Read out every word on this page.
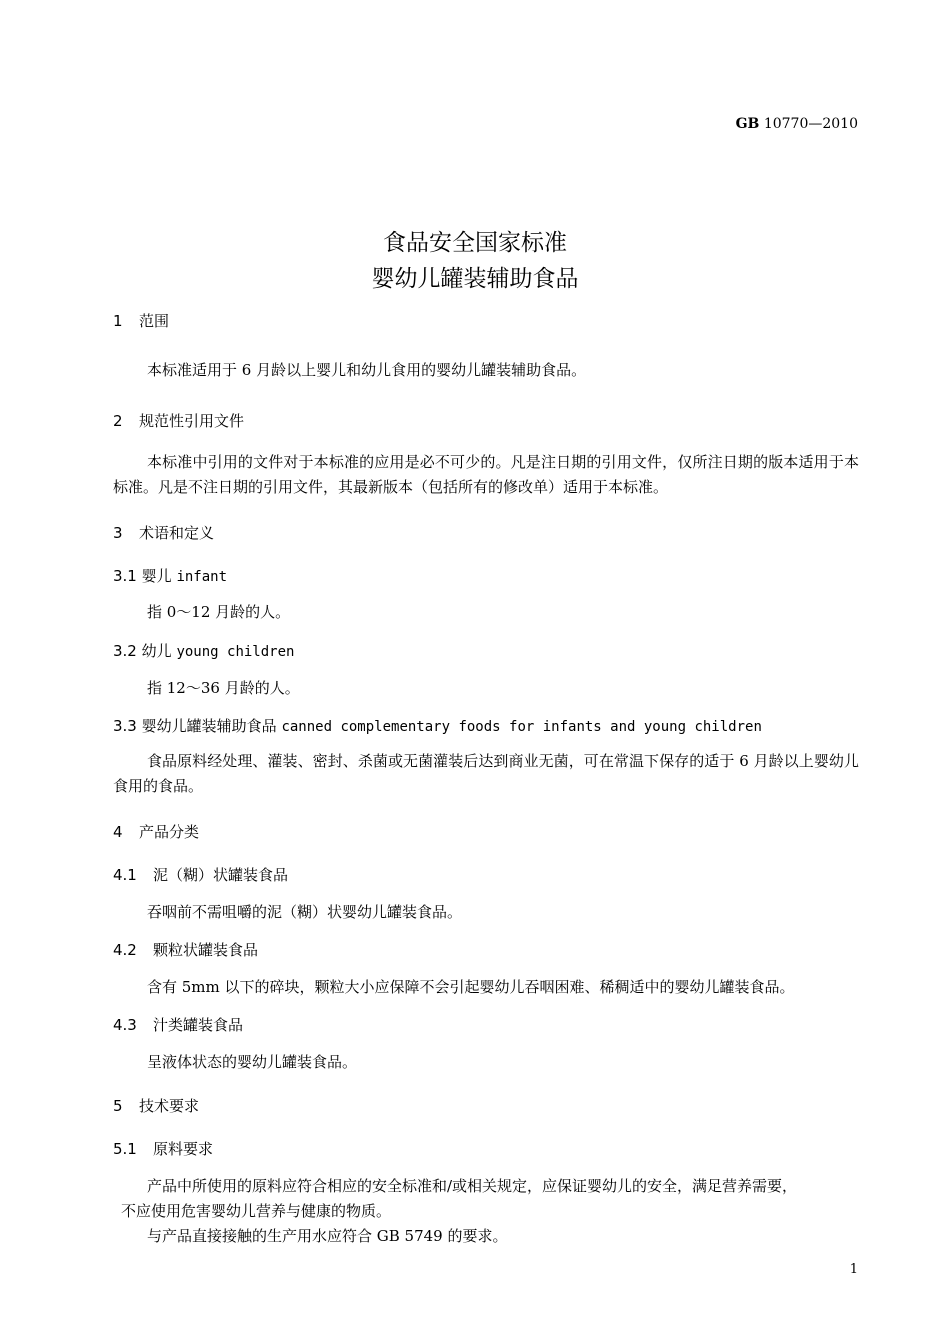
GB 10770—2010
食品安全国家标准
婴幼儿罐装辅助食品
1 范围
本标准适用于 6 月龄以上婴儿和幼儿食用的婴幼儿罐装辅助食品。
2 规范性引用文件
本标准中引用的文件对于本标准的应用是必不可少的。凡是注日期的引用文件，仅所注日期的版本适用于本标准。凡是不注日期的引用文件，其最新版本（包括所有的修改单）适用于本标准。
3 术语和定义
3.1 婴儿 infant
指 0～12 月龄的人。
3.2 幼儿 young children
指 12～36 月龄的人。
3.3 婴幼儿罐装辅助食品 canned complementary foods for infants and young children
食品原料经处理、灌装、密封、杀菌或无菌灌装后达到商业无菌，可在常温下保存的适于 6 月龄以上婴幼儿食用的食品。
4 产品分类
4.1 泥（糊）状罐装食品
吞咽前不需咀嚼的泥（糊）状婴幼儿罐装食品。
4.2 颗粒状罐装食品
含有 5mm 以下的碎块，颗粒大小应保障不会引起婴幼儿吞咽困难、稀稠适中的婴幼儿罐装食品。
4.3 汁类罐装食品
呈液体状态的婴幼儿罐装食品。
5 技术要求
5.1 原料要求
产品中所使用的原料应符合相应的安全标准和/或相关规定，应保证婴幼儿的安全，满足营养需要，
不应使用危害婴幼儿营养与健康的物质。
与产品直接接触的生产用水应符合 GB 5749 的要求。
1
